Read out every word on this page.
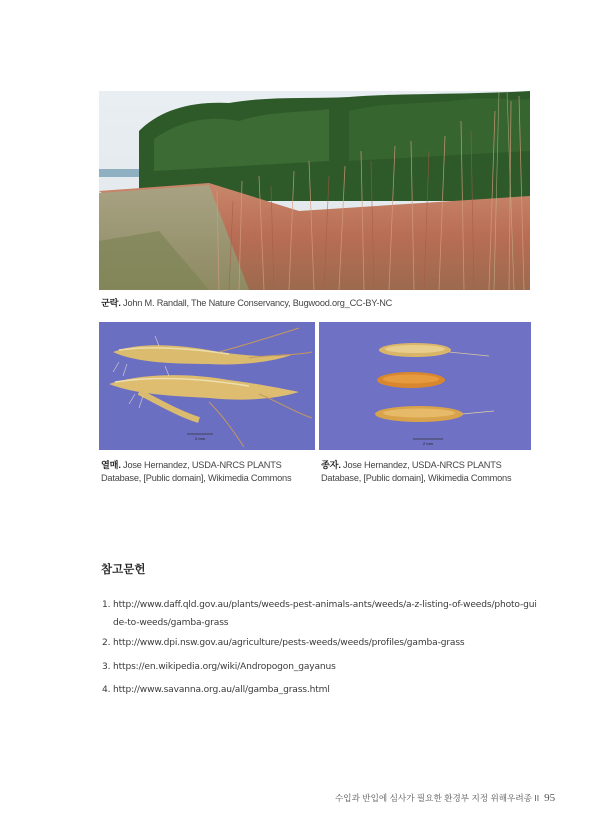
군락. John M. Randall, The Nature Conservancy, Bugwood.org_CC-BY-NC
2 mm
열매. Jose Hernandez, USDA-NRCS PLANTS
Database, [Public domain], Wikimedia Commons
2 mm
종자. Jose Hernandez, USDA-NRCS PLANTS
Database, [Public domain], Wikimedia Commons
참고문헌
1. http://www.daff.qld.gov.au/plants/weeds-pest-animals-ants/weeds/a-z-listing-of-weeds/photo-guide-to-weeds/gamba-grass
2. http://www.dpi.nsw.gov.au/agriculture/pests-weeds/weeds/profiles/gamba-grass
3. https://en.wikipedia.org/wiki/Andropogon_gayanus
4. http://www.savanna.org.au/all/gamba_grass.html
수입과 반입에 심사가 필요한 환경부 지정 위해우려종 II 95
